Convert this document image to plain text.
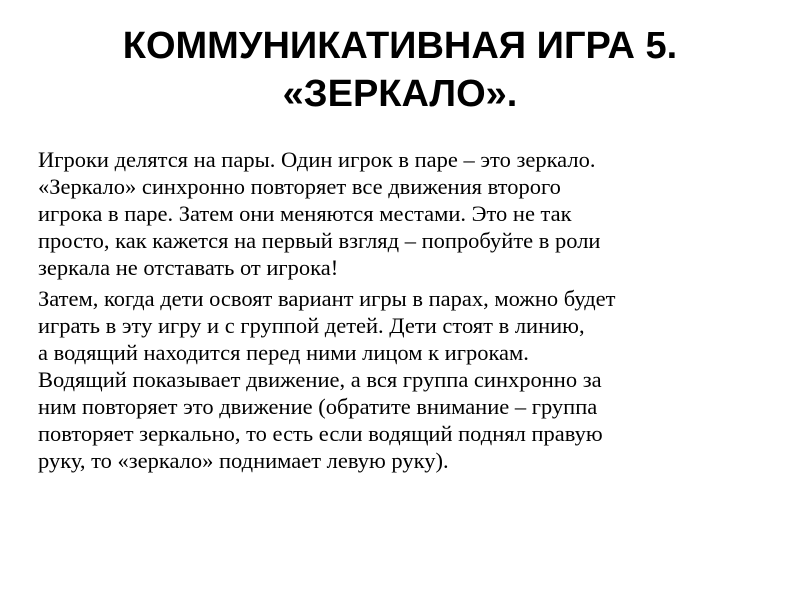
КОММУНИКАТИВНАЯ ИГРА 5.
«ЗЕРКАЛО».

Игроки делятся на пары. Один игрок в паре – это зеркало.
«Зеркало» синхронно повторяет все движения второго
игрока в паре. Затем они меняются местами. Это не так
просто, как кажется на первый взгляд – попробуйте в роли
зеркала не отставать от игрока!

Затем, когда дети освоят вариант игры в парах, можно будет
играть в эту игру и с группой детей. Дети стоят в линию,
а водящий находится перед ними лицом к игрокам.
Водящий показывает движение, а вся группа синхронно за
ним повторяет это движение (обратите внимание – группа
повторяет зеркально, то есть если водящий поднял правую
руку, то «зеркало» поднимает левую руку).
